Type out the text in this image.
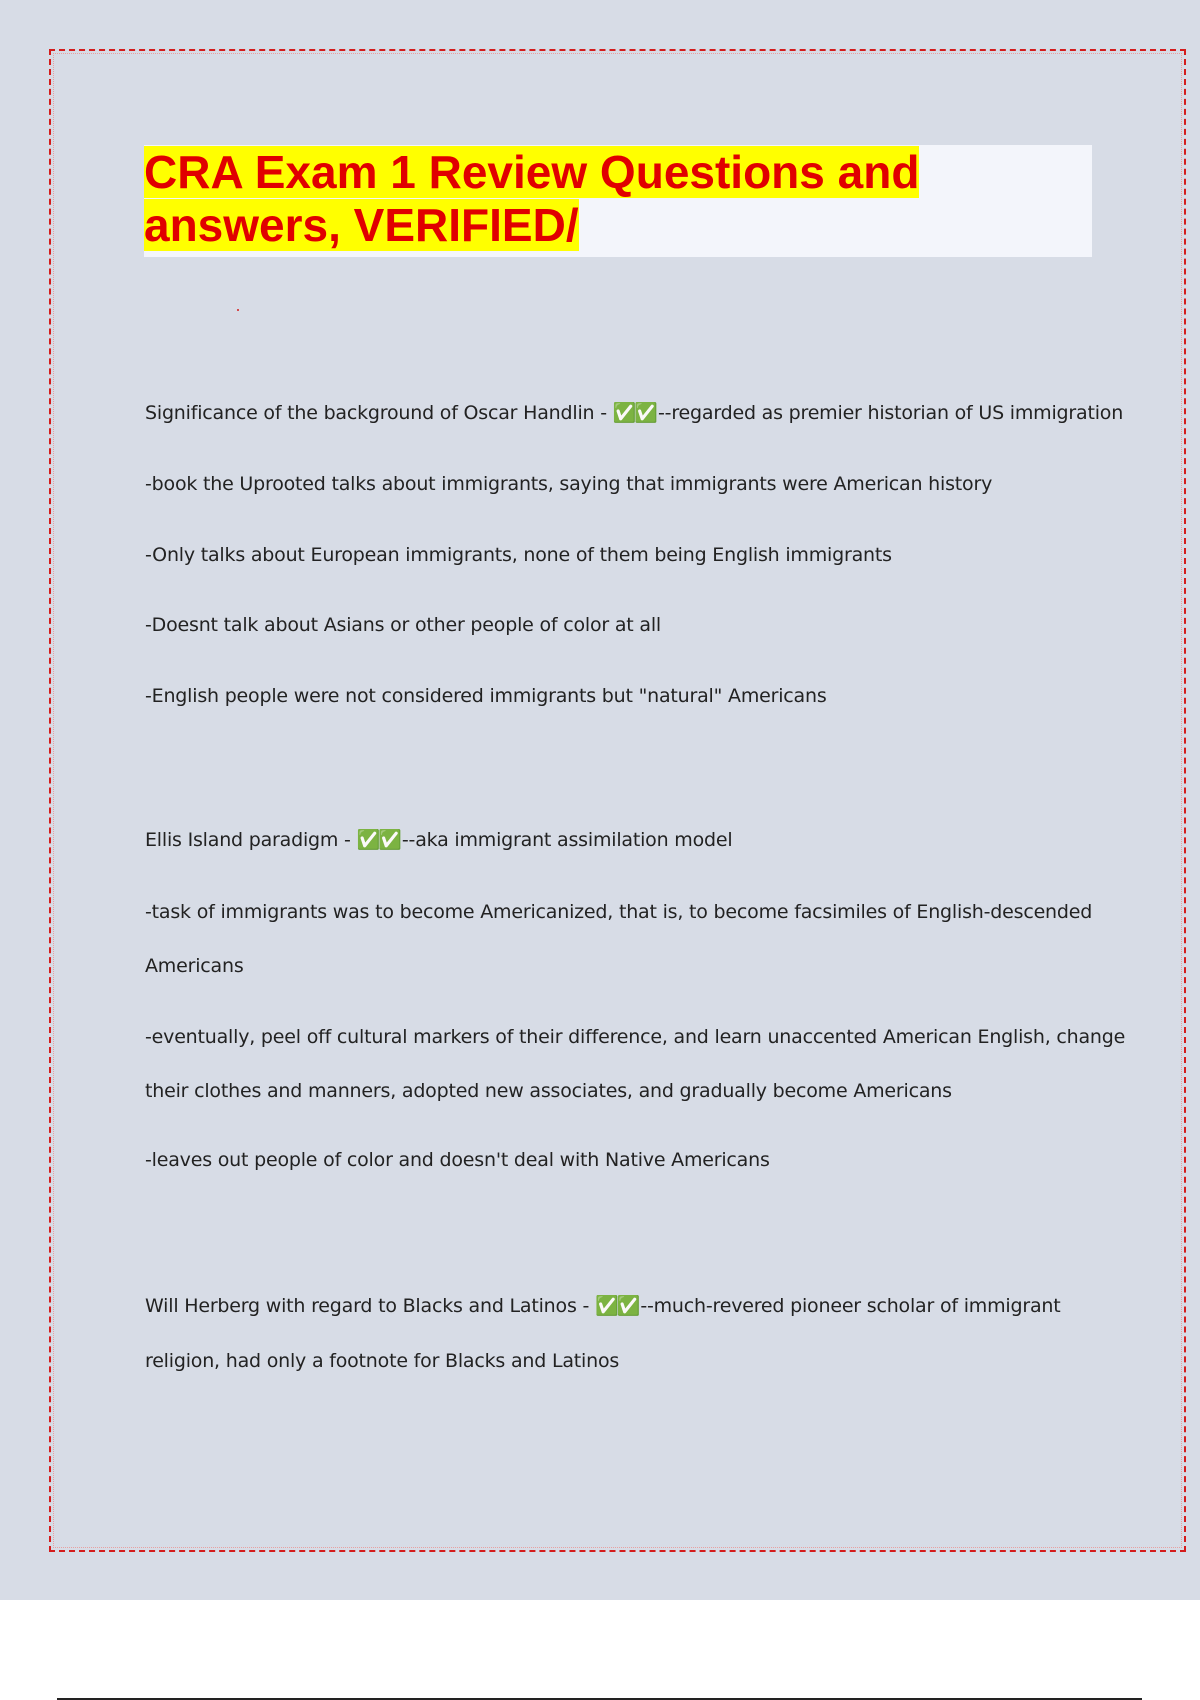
CRA Exam 1 Review Questions and
answers, VERIFIED/

Significance of the background of Oscar Handlin - ✅✅ --regarded as premier historian of US immigration

-book the Uprooted talks about immigrants, saying that immigrants were American history

-Only talks about European immigrants, none of them being English immigrants

-Doesnt talk about Asians or other people of color at all

-English people were not considered immigrants but "natural" Americans

Ellis Island paradigm - ✅✅ --aka immigrant assimilation model

-task of immigrants was to become Americanized, that is, to become facsimiles of English-descended

Americans

-eventually, peel off cultural markers of their difference, and learn unaccented American English, change

their clothes and manners, adopted new associates, and gradually become Americans

-leaves out people of color and doesn't deal with Native Americans

Will Herberg with regard to Blacks and Latinos - ✅✅ --much-revered pioneer scholar of immigrant

religion, had only a footnote for Blacks and Latinos
